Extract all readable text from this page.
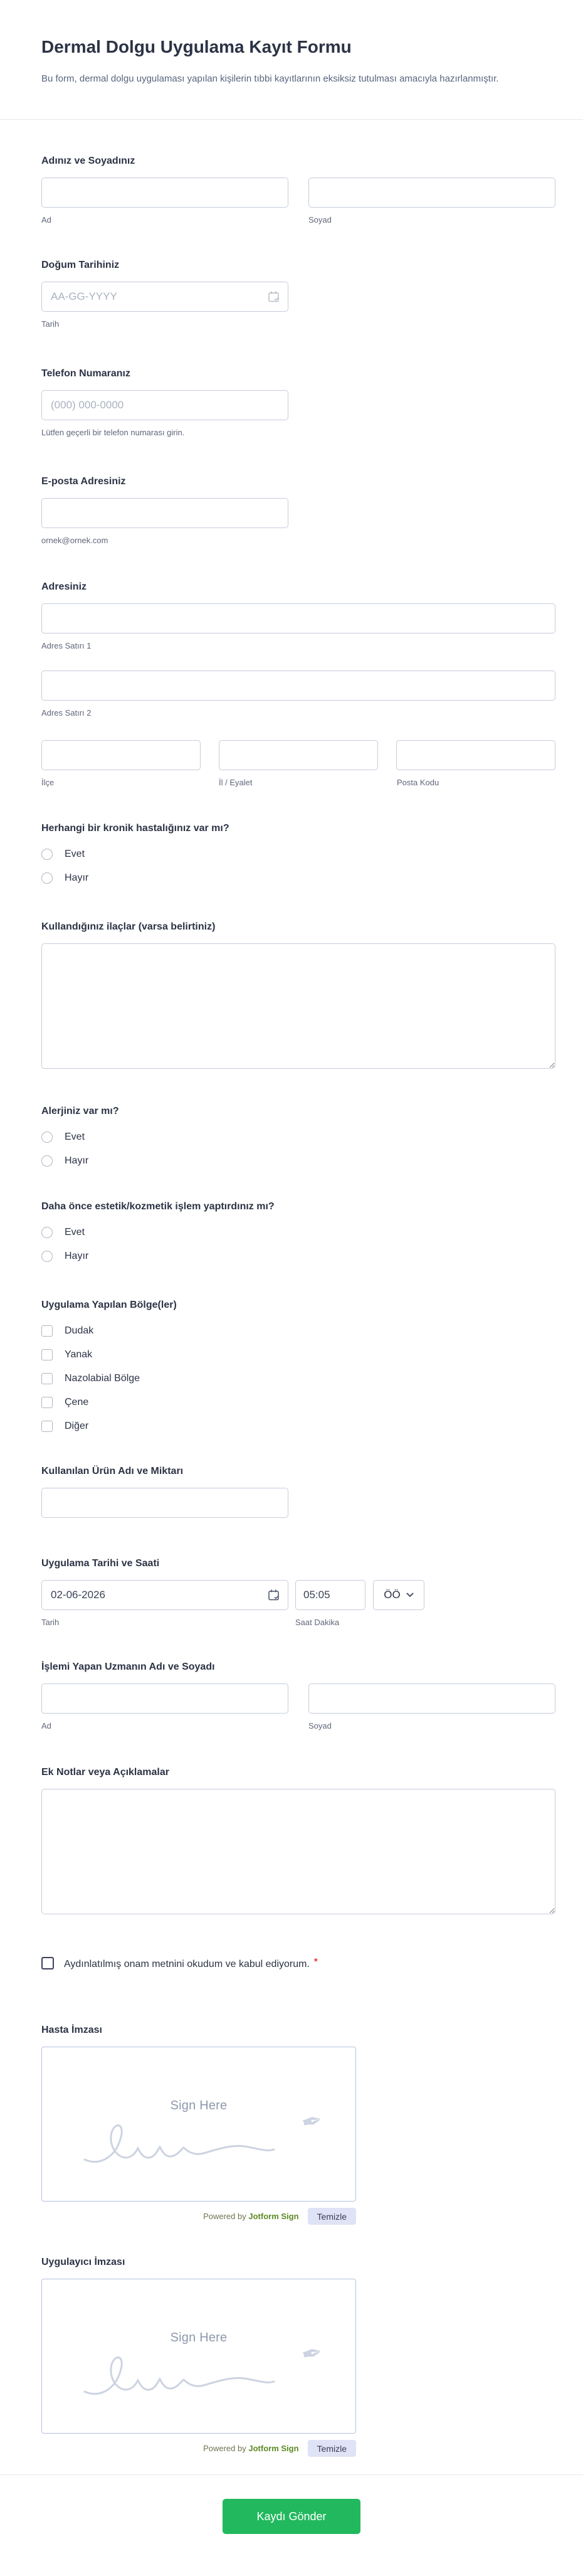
Dermal Dolgu Uygulama Kayıt Formu

Bu form, dermal dolgu uygulaması yapılan kişilerin tıbbi kayıtlarının eksiksiz tutulması amacıyla hazırlanmıştır.

Adınız ve Soyadınız
Ad	Soyad
Doğum Tarihiniz
AA-GG-YYYY
Tarih
Telefon Numaranız
(000) 000-0000
Lütfen geçerli bir telefon numarası girin.
E-posta Adresiniz
ornek@ornek.com
Adresiniz
Adres Satırı 1
Adres Satırı 2
İlçe	İl / Eyalet	Posta Kodu
Herhangi bir kronik hastalığınız var mı?
Evet
Hayır
Kullandığınız ilaçlar (varsa belirtiniz)
Alerjiniz var mı?
Evet
Hayır
Daha önce estetik/kozmetik işlem yaptırdınız mı?
Evet
Hayır
Uygulama Yapılan Bölge(ler)
Dudak
Yanak
Nazolabial Bölge
Çene
Diğer
Kullanılan Ürün Adı ve Miktarı
Uygulama Tarihi ve Saati
02-06-2026
05:05
ÖÖ
Tarih	Saat Dakika
İşlemi Yapan Uzmanın Adı ve Soyadı
Ad	Soyad
Ek Notlar veya Açıklamalar
Aydınlatılmış onam metnini okudum ve kabul ediyorum. *
Hasta İmzası
Sign Here
✒
Powered by Jotform Sign	Temizle
Uygulayıcı İmzası
Sign Here
✒
Powered by Jotform Sign	Temizle
Kaydı Gönder
